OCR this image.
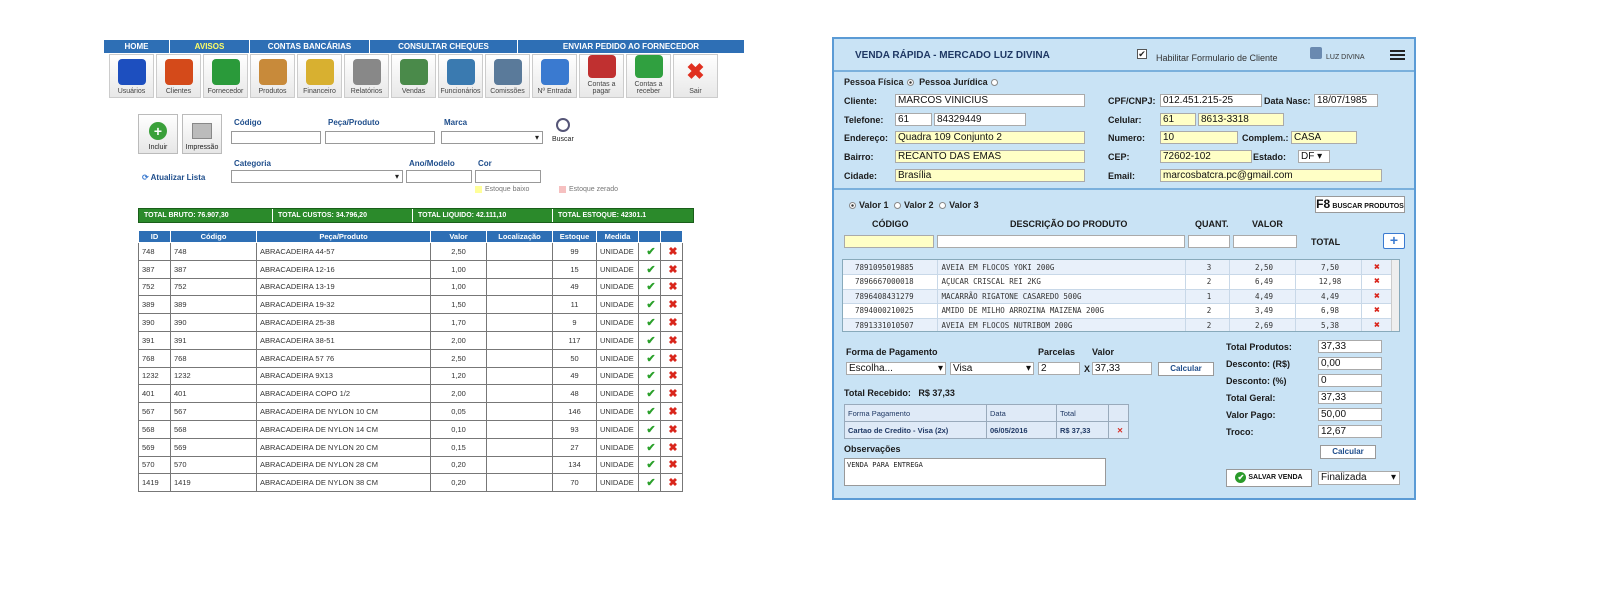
HOME	AVISOS	CONTAS BANCÁRIAS	CONSULTAR CHEQUES	ENVIAR PEDIDO AO FORNECEDOR
Usuários	Clientes Fornecedor Produtos Financeiro Relatórios	Vendas Funcionários Comissões Nº Entrada
Contas a pagar
Contas a receber
✖
Sair
+
Incluir	Impressão
Código	Peça/Produto	Marca
▾	Buscar
Categoria
▾
Ano/Modelo	Cor
⟳ Atualizar Lista
Estoque baixo	Estoque zerado
TOTAL BRUTO: 76.907,30	TOTAL CUSTOS: 34.796,20	TOTAL LIQUIDO: 42.111,10	TOTAL ESTOQUE: 42301.1
ID	Código	Peça/Produto	Valor	Localização	Estoque	Medida		
748	748	ABRACADEIRA 44-57	2,50		99	UNIDADE	✔	✖
387	387	ABRACADEIRA 12-16	1,00		15	UNIDADE	✔	✖
752	752	ABRACADEIRA 13-19	1,00		49	UNIDADE	✔	✖
389	389	ABRACADEIRA 19-32	1,50		11	UNIDADE	✔	✖
390	390	ABRACADEIRA 25-38	1,70		9	UNIDADE	✔	✖
391	391	ABRACADEIRA 38-51	2,00		117	UNIDADE	✔	✖
768	768	ABRACADEIRA 57 76	2,50		50	UNIDADE	✔	✖
1232	1232	ABRACADEIRA 9X13	1,20		49	UNIDADE	✔	✖
401	401	ABRACADEIRA COPO 1/2	2,00		48	UNIDADE	✔	✖
567	567	ABRACADEIRA DE NYLON 10 CM	0,05		146	UNIDADE	✔	✖
568	568	ABRACADEIRA DE NYLON 14 CM	0,10		93	UNIDADE	✔	✖
569	569	ABRACADEIRA DE NYLON 20 CM	0,15		27	UNIDADE	✔	✖
570	570	ABRACADEIRA DE NYLON 28 CM	0,20		134	UNIDADE	✔	✖
1419	1419	ABRACADEIRA DE NYLON 38 CM	0,20		70	UNIDADE	✔	✖
VENDA RÁPIDA - MERCADO LUZ DIVINA	✔ Habilitar Formulario de Cliente	LUZ DIVINA
Pessoa Física Pessoa Jurídica
Cliente:	MARCOS VINICIUS	CPF/CNPJ: 012.451.215-25	Data Nasc: 18/07/1985
Telefone:	61	84329449	Celular:	61	8613-3318
Endereço: Quadra 109 Conjunto 2	Numero:	10	Complem.: CASA
Bairro:	RECANTO DAS EMAS	CEP:	72602-102	Estado:	DF ▾
Cidade:	Brasília	Email:	marcosbatcra.pc@gmail.com
Valor 1 Valor 2 Valor 3	F8 BUSCAR PRODUTOS
CÓDIGO	DESCRIÇÃO DO PRODUTO	QUANT.	VALOR
TOTAL	+
7891095019885	AVEIA EM FLOCOS YOKI 200G	3	2,50	7,50	✖
7896667000018	AÇUCAR CRISCAL REI 2KG	2	6,49	12,98	✖
7896408431279	MACARRÃO RIGATONE CASAREDO 500G	1	4,49	4,49	✖
7894000210025	AMIDO DE MILHO ARROZINA MAIZENA 200G	2	3,49	6,98	✖
7891331010507	AVEIA EM FLOCOS NUTRIBOM 200G	2	2,69	5,38	✖
Forma de Pagamento
Escolha...	▾	Visa	▾
Parcelas
2	X
Valor
37,33	Calcular
Total Recebido: R$ 37,33
Forma Pagamento	Data	Total	
Cartao de Credito - Visa (2x)	06/05/2016	R$ 37,33	✕
Observações
VENDA PARA ENTREGA
Total Produtos:	37,33
Desconto: (R$)	0,00
Desconto: (%)	0
Total Geral:	37,33
Valor Pago:	50,00
Troco:	12,67
Calcular
✔ SALVAR VENDA	Finalizada ▾
